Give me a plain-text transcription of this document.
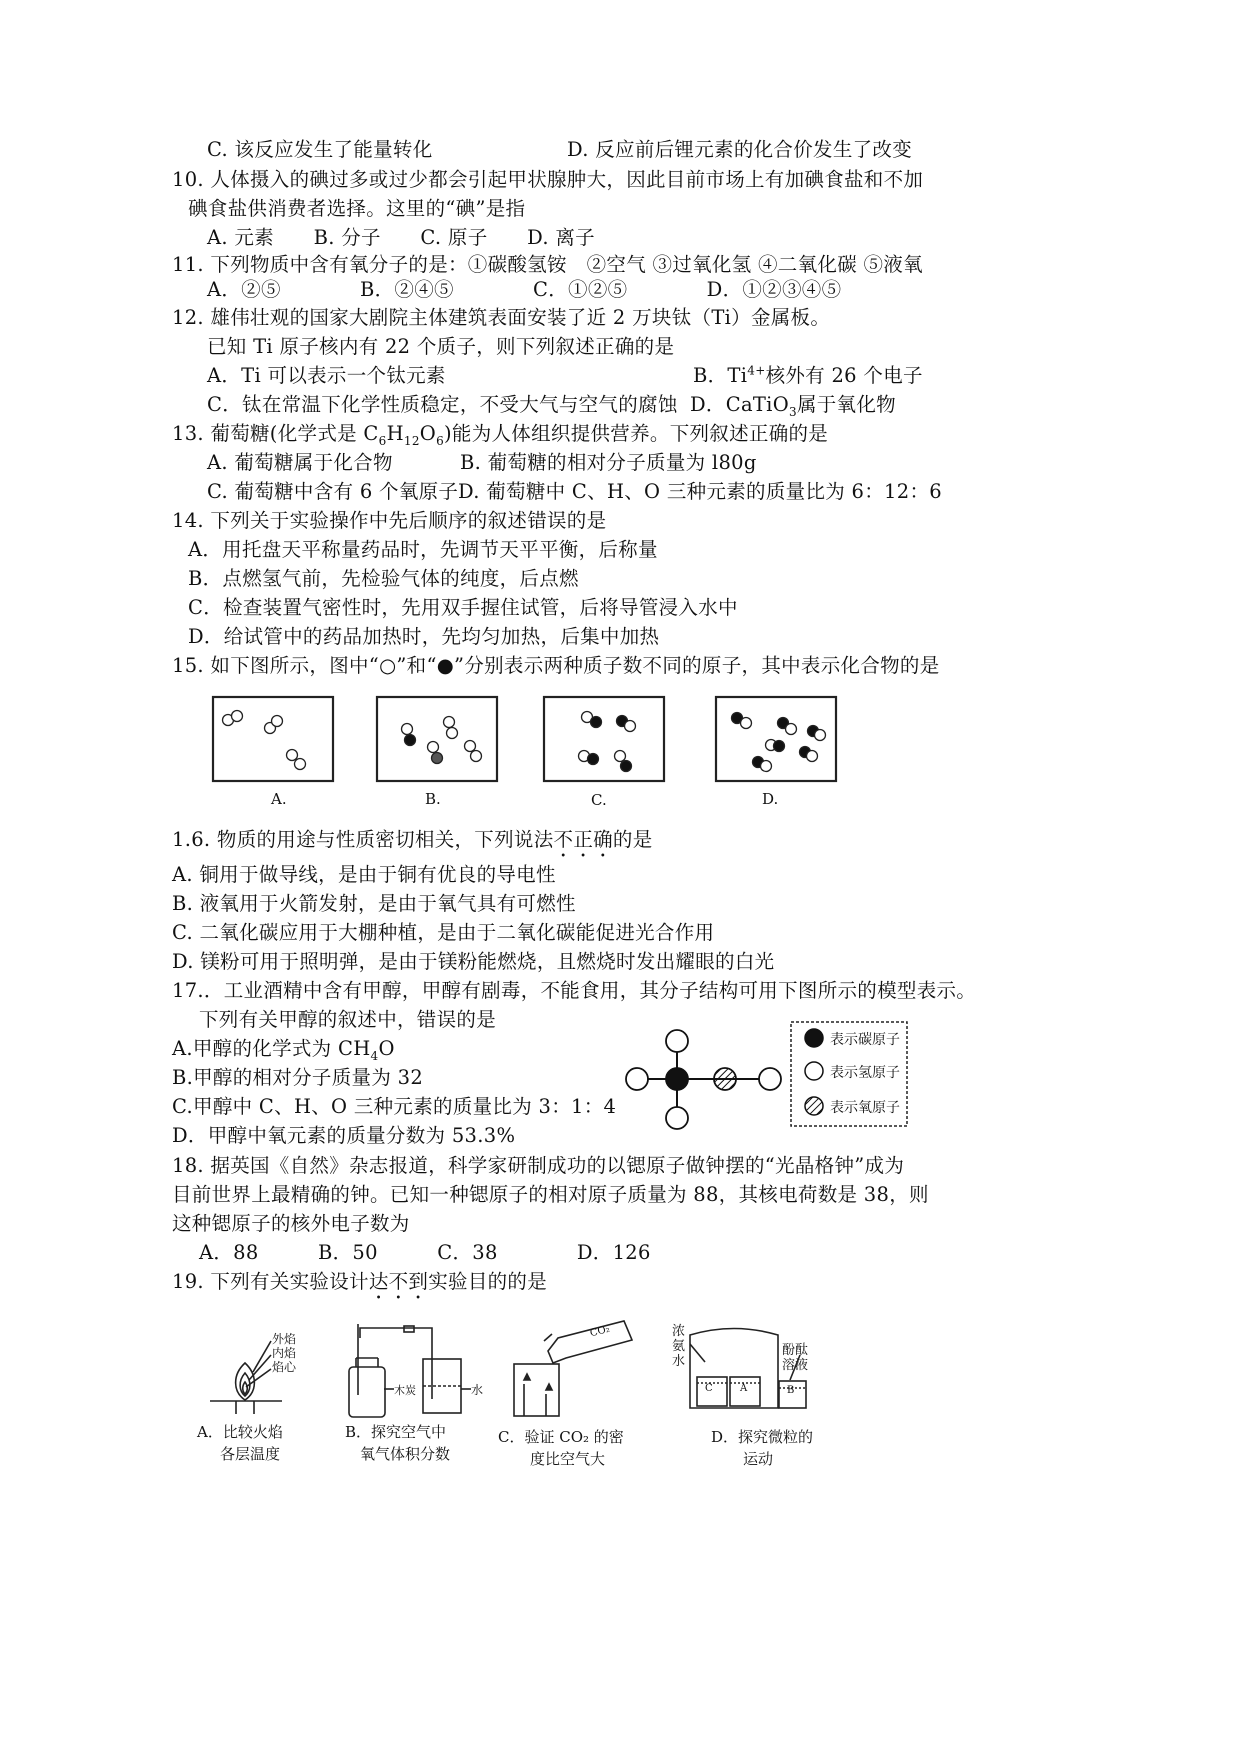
C. 该反应发生了能量转化	D. 反应前后锂元素的化合价发生了改变
10. 人体摄入的碘过多或过少都会引起甲状腺肿大，因此目前市场上有加碘食盐和不加
碘食盐供消费者选择。这里的“碘”是指
A. 元素　　B. 分子　　C. 原子　　D. 离子
11. 下列物质中含有氧分子的是：①碳酸氢铵　②空气 ③过氧化氢 ④二氧化碳 ⑤液氧
A．②⑤　　　　B．②④⑤　　　　C．①②⑤　　　　D．①②③④⑤
12. 雄伟壮观的国家大剧院主体建筑表面安装了近 2 万块钛（Ti）金属板。
已知 Ti 原子核内有 22 个质子，则下列叙述正确的是
A．Ti 可以表示一个钛元素	B．$Ti^{4+}$核外有 26 个电子
C．钛在常温下化学性质稳定，不受大气与空气的腐蚀 D．CaTiO$_3$属于氧化物
13. 葡萄糖(化学式是 $C_6H_{12}O_6$)能为人体组织提供营养。下列叙述正确的是
A. 葡萄糖属于化合物	B. 葡萄糖的相对分子质量为 l80g
C. 葡萄糖中含有 6 个氧原子 D. 葡萄糖中 C、H、O 三种元素的质量比为 6：12：6
14. 下列关于实验操作中先后顺序的叙述错误的是
A．用托盘天平称量药品时，先调节天平平衡，后称量
B．点燃氢气前，先检验气体的纯度，后点燃
C．检查装置气密性时，先用双手握住试管，后将导管浸入水中
D．给试管中的药品加热时，先均匀加热，后集中加热
15. 如下图所示，图中“○”和“●”分别表示两种质子数不同的原子，其中表示化合物的是
A.	B.	C.	D.
1.6. 物质的用途与性质密切相关，下列说法不正确的是
A. 铜用于做导线，是由于铜有优良的导电性
B. 液氧用于火箭发射，是由于氧气具有可燃性
C. 二氧化碳应用于大棚种植，是由于二氧化碳能促进光合作用
D. 镁粉可用于照明弹，是由于镁粉能燃烧，且燃烧时发出耀眼的白光
17.．工业酒精中含有甲醇，甲醇有剧毒，不能食用，其分子结构可用下图所示的模型表示。
下列有关甲醇的叙述中，错误的是
A.甲醇的化学式为 $CH_4O$
B.甲醇的相对分子质量为 32
C.甲醇中 C、H、O 三种元素的质量比为 3：1：4
D．甲醇中氧元素的质量分数为 53.3%
表示碳原子
表示氢原子
表示氧原子
18. 据英国《自然》杂志报道，科学家研制成功的以锶原子做钟摆的“光晶格钟”成为
目前世界上最精确的钟。已知一种锶原子的相对原子质量为 88，其核电荷数是 38，则
这种锶原子的核外电子数为
A．88　　　B．50　　　C．38　　　　D．126
19. 下列有关实验设计达不到实验目的的是
外焰
内焰
焰心
木炭	水
CO₂	浓
氨
水
酚酞
溶液
C	A	B
A．比较火焰
各层温度
B．探究空气中
氧气体积分数
C．验证 CO₂ 的密
度比空气大
D．探究微粒的
运动
